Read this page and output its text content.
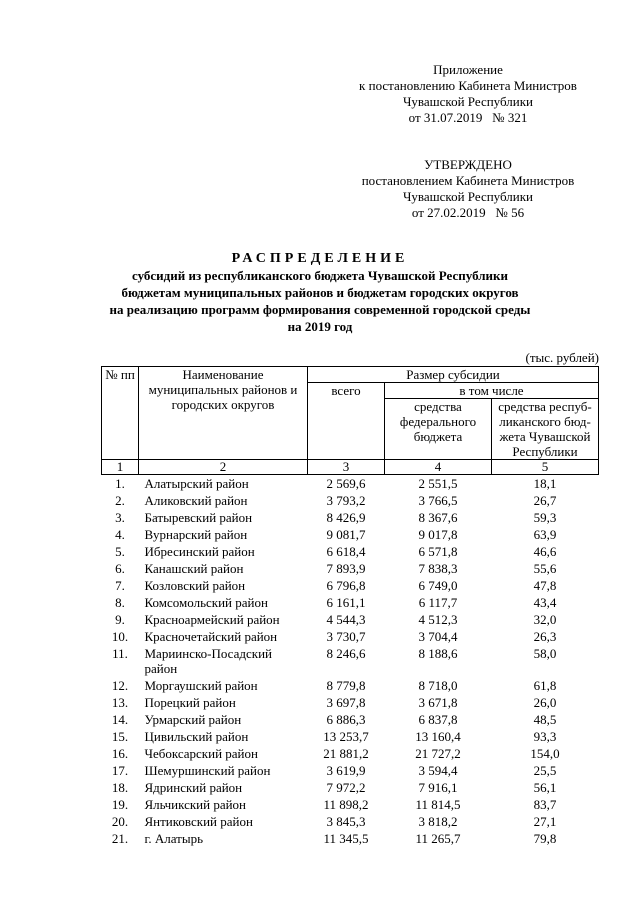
Приложение
к постановлению Кабинета Министров
Чувашской Республики
от 31.07.2019   № 321
УТВЕРЖДЕНО
постановлением Кабинета Министров
Чувашской Республики
от 27.02.2019   № 56
РАСПРЕДЕЛЕНИЕ
субсидий из республиканского бюджета Чувашской Республики
бюджетам муниципальных районов и бюджетам городских округов
на реализацию программ формирования современной городской среды
на 2019 год
(тыс. рублей)
№ пп	Наименование муниципальных районов и городских округов	Размер субсидии		
		всего	в том числе	
			средства федерального бюджета	средства респуб-ликанского бюд-жета Чувашской Республики
1	2	3	4	5
1.	Алатырский район	2 569,6	2 551,5	18,1
2.	Аликовский район	3 793,2	3 766,5	26,7
3.	Батыревский район	8 426,9	8 367,6	59,3
4.	Вурнарский район	9 081,7	9 017,8	63,9
5.	Ибресинский район	6 618,4	6 571,8	46,6
6.	Канашский район	7 893,9	7 838,3	55,6
7.	Козловский район	6 796,8	6 749,0	47,8
8.	Комсомольский район	6 161,1	6 117,7	43,4
9.	Красноармейский район	4 544,3	4 512,3	32,0
10.	Красночетайский район	3 730,7	3 704,4	26,3
11.	Мариинско-Посадский район	8 246,6	8 188,6	58,0
12.	Моргаушский район	8 779,8	8 718,0	61,8
13.	Порецкий район	3 697,8	3 671,8	26,0
14.	Урмарский район	6 886,3	6 837,8	48,5
15.	Цивильский район	13 253,7	13 160,4	93,3
16.	Чебоксарский район	21 881,2	21 727,2	154,0
17.	Шемуршинский район	3 619,9	3 594,4	25,5
18.	Ядринский район	7 972,2	7 916,1	56,1
19.	Яльчикский район	11 898,2	11 814,5	83,7
20.	Янтиковский район	3 845,3	3 818,2	27,1
21.	г. Алатырь	11 345,5	11 265,7	79,8
